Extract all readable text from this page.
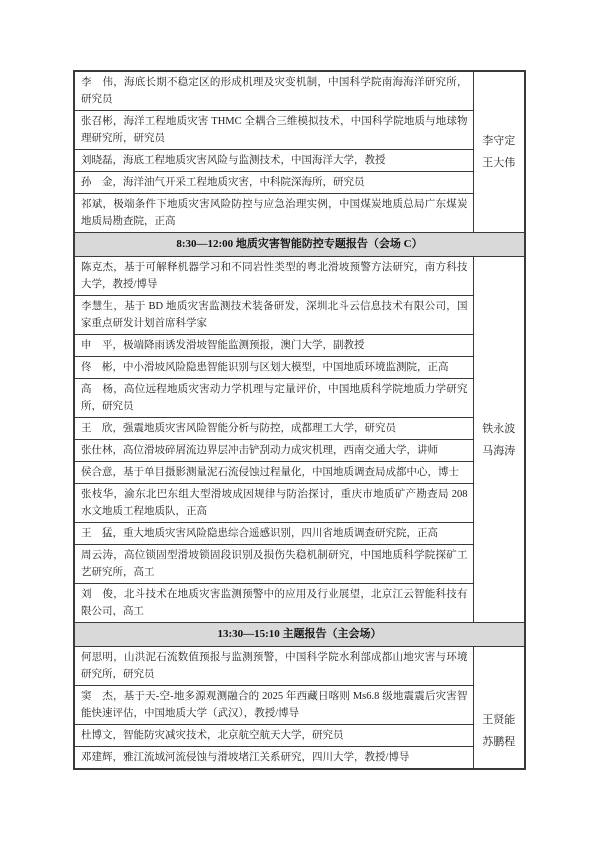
李　伟，海底长期不稳定区的形成机理及灾变机制，中国科学院南海海洋研究所，研究员	李守定
王大伟

张召彬，海洋工程地质灾害 THMC 全耦合三维模拟技术，中国科学院地质与地球物理研究所，研究员	
刘晓磊，海底工程地质灾害风险与监测技术，中国海洋大学，教授	
孙　金，海洋油气开采工程地质灾害，中科院深海所，研究员	
祁斌，极端条件下地质灾害风险防控与应急治理实例，中国煤炭地质总局广东煤炭地质局勘查院，正高	
8:30—12:00 地质灾害智能防控专题报告（会场 C）	
陈克杰，基于可解释机器学习和不同岩性类型的粤北滑坡预警方法研究，南方科技大学，教授/博导	铁永波
马海涛

李慧生，基于 BD 地质灾害监测技术装备研发，深圳北斗云信息技术有限公司，国家重点研发计划首席科学家	
申　平，极端降雨诱发滑坡智能监测预报，澳门大学，副教授	
佟　彬，中小滑坡风险隐患智能识别与区划大模型，中国地质环境监测院，正高	
高　杨，高位远程地质灾害动力学机理与定量评价，中国地质科学院地质力学研究所，研究员	
王　欣，强震地质灾害风险智能分析与防控，成都理工大学，研究员	
张仕林，高位滑坡碎屑流边界层冲击铲刮动力成灾机理，西南交通大学，讲师	
侯合意，基于单目摄影测量泥石流侵蚀过程量化，中国地质调查局成都中心，博士	
张枝华，渝东北巴东组大型滑坡成因规律与防治探讨，重庆市地质矿产勘查局 208 水文地质工程地质队，正高	
王　猛，重大地质灾害风险隐患综合遥感识别，四川省地质调查研究院，正高	
周云涛，高位锁固型滑坡锁固段识别及损伤失稳机制研究，中国地质科学院探矿工艺研究所，高工	
刘　俊，北斗技术在地质灾害监测预警中的应用及行业展望，北京江云智能科技有限公司，高工	
13:30—15:10 主题报告（主会场）	
何思明，山洪泥石流数值预报与监测预警，中国科学院水利部成都山地灾害与环境研究所，研究员	王贤能
苏鹏程

窦　杰，基于天-空-地多源观测融合的 2025 年西藏日喀则 Ms6.8 级地震震后灾害智能快速评估，中国地质大学（武汉），教授/博导	
杜博文，智能防灾减灾技术，北京航空航天大学，研究员	
邓建辉，雅江流域河流侵蚀与滑坡堵江关系研究，四川大学，教授/博导	
